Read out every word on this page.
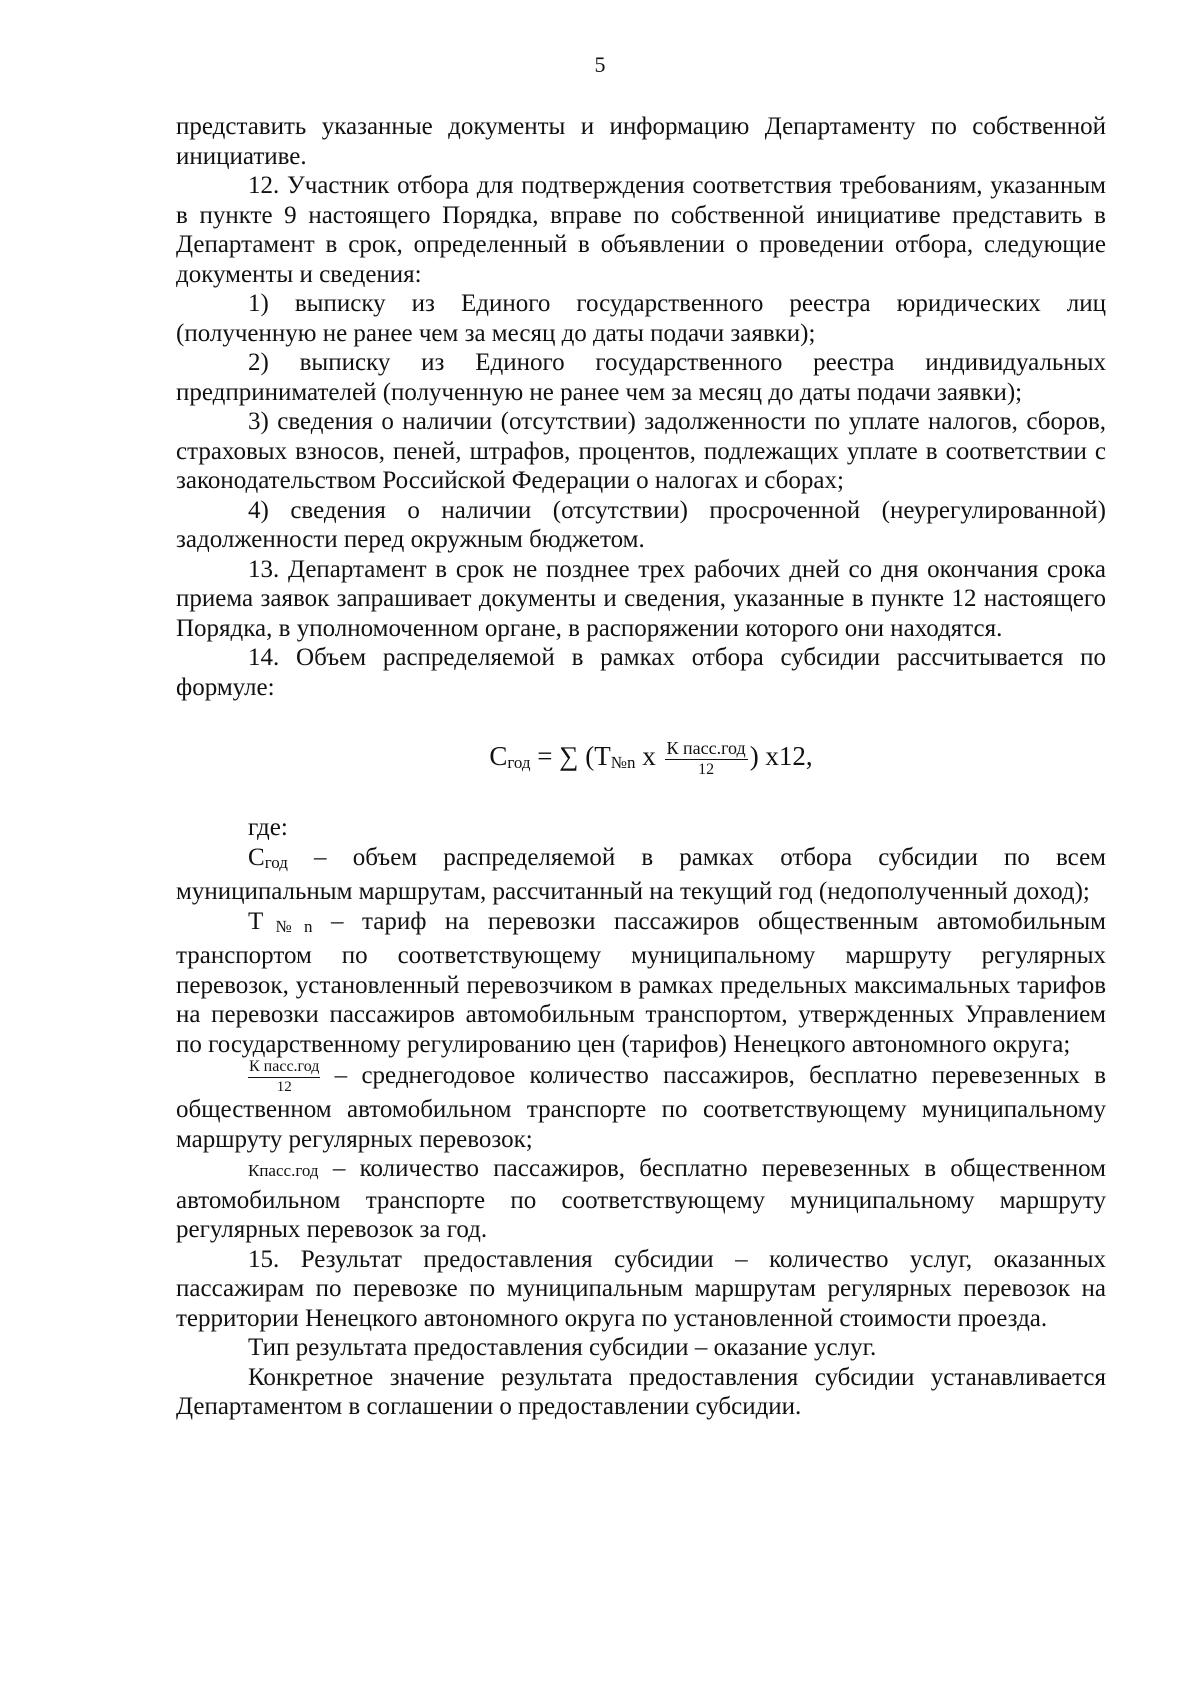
5

представить указанные документы и информацию Департаменту по собственной инициативе.

12. Участник отбора для подтверждения соответствия требованиям, указанным в пункте 9 настоящего Порядка, вправе по собственной инициативе представить в Департамент в срок, определенный в объявлении о проведении отбора, следующие документы и сведения:

1) выписку из Единого государственного реестра юридических лиц (полученную не ранее чем за месяц до даты подачи заявки);

2) выписку из Единого государственного реестра индивидуальных предпринимателей (полученную не ранее чем за месяц до даты подачи заявки);

3) сведения о наличии (отсутствии) задолженности по уплате налогов, сборов, страховых взносов, пеней, штрафов, процентов, подлежащих уплате в соответствии с законодательством Российской Федерации о налогах и сборах;

4) сведения о наличии (отсутствии) просроченной (неурегулированной) задолженности перед окружным бюджетом.

13. Департамент в срок не позднее трех рабочих дней со дня окончания срока приема заявок запрашивает документы и сведения, указанные в пункте 12 настоящего Порядка, в уполномоченном органе, в распоряжении которого они находятся.

14. Объем распределяемой в рамках отбора субсидии рассчитывается по формуле:

Сгод = ∑ (Т№n х $\frac{\text{К пасс.год}}{12}$ ) х12,

где:

Сгод – объем распределяемой в рамках отбора субсидии по всем муниципальным маршрутам, рассчитанный на текущий год (недополученный доход);

Т№n – тариф на перевозки пассажиров общественным автомобильным транспортом по соответствующему муниципальному маршруту регулярных перевозок, установленный перевозчиком в рамках предельных максимальных тарифов на перевозки пассажиров автомобильным транспортом, утвержденных Управлением по государственному регулированию цен (тарифов) Ненецкого автономного округа;

$\frac{\text{К пасс.год}}{12}$ – среднегодовое количество пассажиров, бесплатно перевезенных в общественном автомобильном транспорте по соответствующему муниципальному маршруту регулярных перевозок;

Кпасс.год – количество пассажиров, бесплатно перевезенных в общественном автомобильном транспорте по соответствующему муниципальному маршруту регулярных перевозок за год.

15. Результат предоставления субсидии – количество услуг, оказанных пассажирам по перевозке по муниципальным маршрутам регулярных перевозок на территории Ненецкого автономного округа по установленной стоимости проезда.

Тип результата предоставления субсидии – оказание услуг.

Конкретное значение результата предоставления субсидии устанавливается Департаментом в соглашении о предоставлении субсидии.
